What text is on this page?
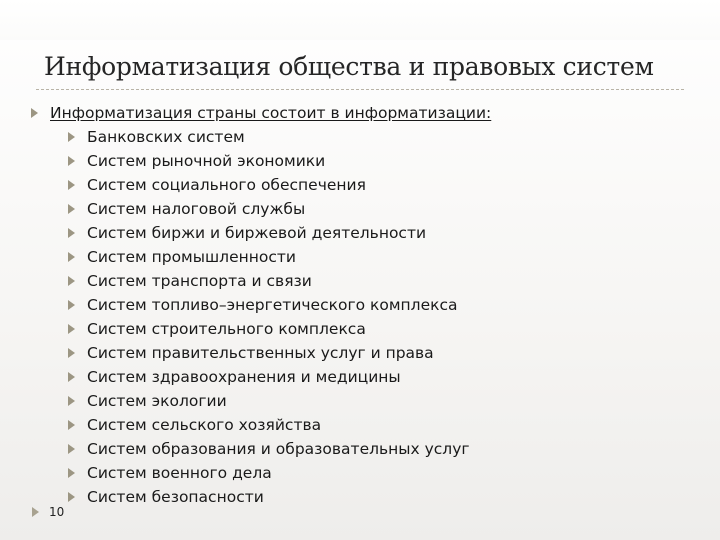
Информатизация общества и правовых систем
Информатизация страны состоит в информатизации:
Банковских систем
Систем рыночной экономики
Систем социального обеспечения
Систем налоговой службы
Систем биржи и биржевой деятельности
Систем промышленности
Систем транспорта и связи
Систем топливо–энергетического комплекса
Систем строительного комплекса
Систем правительственных услуг и права
Систем здравоохранения и медицины
Систем экологии
Систем сельского хозяйства
Систем образования и образовательных услуг
Систем военного дела
Систем безопасности
10
